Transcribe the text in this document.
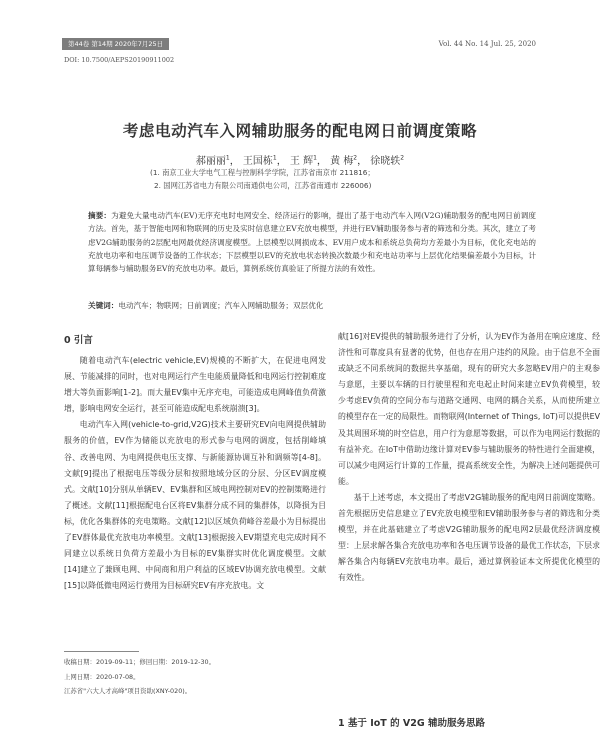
第44卷 第14期 2020年7月25日	Vol. 44 No. 14 Jul. 25, 2020
DOI: 10.7500/AEPS20190911002
考虑电动汽车入网辅助服务的配电网日前调度策略
郝丽丽$^1$， 王国栋$^1$， 王 辉$^1$， 黄 梅$^2$， 徐晓轶$^2$
(1. 南京工业大学电气工程与控制科学学院，江苏省南京市 211816；
2. 国网江苏省电力有限公司南通供电公司，江苏省南通市 226006)
摘要：为避免大量电动汽车(EV)无序充电时电网安全、经济运行的影响，提出了基于电动汽车入网(V2G)辅助服务的配电网日前调度方法。首先，基于智能电网和物联网的历史及实时信息建立EV充放电模型，并进行EV辅助服务参与者的筛选和分类。其次，建立了考虑V2G辅助服务的2层配电网最优经济调度模型。上层模型以网损成本、EV用户成本和系统总负荷均方差最小为目标，优化充电站的充放电功率和电压调节设备的工作状态；下层模型以EV的充放电状态转换次数最少和充电站功率与上层优化结果偏差最小为目标，计算每辆参与辅助服务EV的充放电功率。最后，算例系统仿真验证了所提方法的有效性。
关键词：电动汽车；物联网；日前调度；汽车入网辅助服务；双层优化
0 引言

随着电动汽车(electric vehicle,EV)规模的不断扩大，在促进电网发展、节能减排的同时，也对电网运行产生电能质量降低和电网运行控制难度增大等负面影响[1-2]。而大量EV集中无序充电，可能造成电网峰值负荷激增，影响电网安全运行，甚至可能造成配电系统崩溃[3]。

电动汽车入网(vehicle-to-grid,V2G)技术主要研究EV向电网提供辅助服务的价值，EV作为储能以充放电的形式参与电网的调度，包括削峰填谷、改善电网、为电网提供电压支撑、与新能源协调互补和调频等[4-8]。文献[9]提出了根据电压等级分层和按照地域分区的分层、分区EV调度模式。文献[10]分别从单辆EV、EV集群和区域电网控制对EV的控制策略进行了概述。文献[11]根据配电台区将EV集群分成不同的集群体，以降损为目标，优化各集群体的充电策略。文献[12]以区域负荷峰谷差最小为目标提出了EV群体最优充放电功率模型。文献[13]根据接入EV期望充电完成时间不同建立以系统日负荷方差最小为目标的EV集群实时优化调度模型。文献[14]建立了兼顾电网、中间商和用户利益的区域EV协调充放电模型。文献[15]以降低微电网运行费用为目标研究EV有序充放电。文

收稿日期：2019-09-11；修回日期：2019-12-30。
上网日期：2020-07-08。
江苏省"六大人才高峰"项目资助(XNY-020)。

献[16]对EV提供的辅助服务进行了分析，认为EV作为备用在响应速度、经济性和可靠度具有显著的优势，但也存在用户违约的风险。由于信息不全面或缺乏不同系统间的数据共享基础，现有的研究大多忽略EV用户的主观参与意愿，主要以车辆的日行驶里程和充电起止时间来建立EV负荷模型，较少考虑EV负荷的空间分布与道路交通网、电网的耦合关系，从而使所建立的模型存在一定的局限性。而物联网(Internet of Things, IoT)可以提供EV及其周围环境的时空信息，用户行为意愿等数据，可以作为电网运行数据的有益补充。在IoT中借助边缘计算对EV参与辅助服务的特性进行全面建模，可以减少电网运行计算的工作量，提高系统安全性，为解决上述问题提供可能。

基于上述考虑，本文提出了考虑V2G辅助服务的配电网日前调度策略。首先根据历史信息建立了EV充放电模型和EV辅助服务参与者的筛选和分类模型，并在此基础建立了考虑V2G辅助服务的配电网2层最优经济调度模型：上层求解各集合充放电功率和各电压调节设备的最优工作状态，下层求解各集合内每辆EV充放电功率。最后，通过算例验证本文所提优化模型的有效性。

1 基于 IoT 的 V2G 辅助服务思路
